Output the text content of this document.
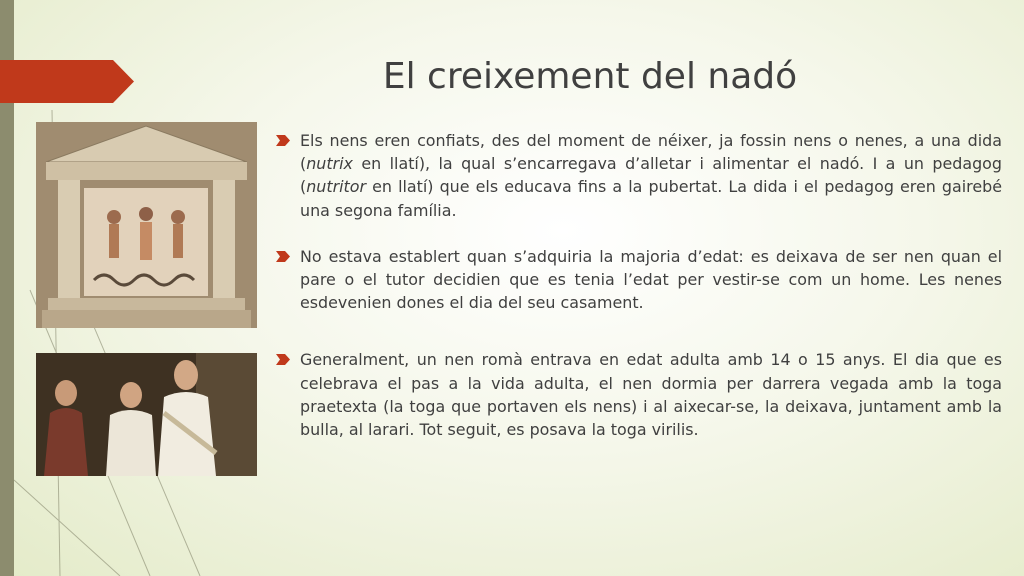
El creixement del nadó
Els nens eren confiats, des del moment de néixer, ja fossin nens o nenes, a una dida (nutrix en llatí), la qual s’encarregava d’alletar i alimentar el nadó. I a un pedagog (nutritor en llatí) que els educava fins a la pubertat. La dida i el pedagog eren gairebé una segona família.
No estava establert quan s’adquiria la majoria d’edat: es deixava de ser nen quan el pare o el tutor decidien que es tenia l’edat per vestir-se com un home. Les nenes esdevenien dones el dia del seu casament.
Generalment, un nen romà entrava en edat adulta amb 14 o 15 anys. El dia que es celebrava el pas a la vida adulta, el nen dormia per darrera vegada amb la toga praetexta (la toga que portaven els nens) i al aixecar-se, la deixava, juntament amb la bulla, al larari. Tot seguit, es posava la toga virilis.
